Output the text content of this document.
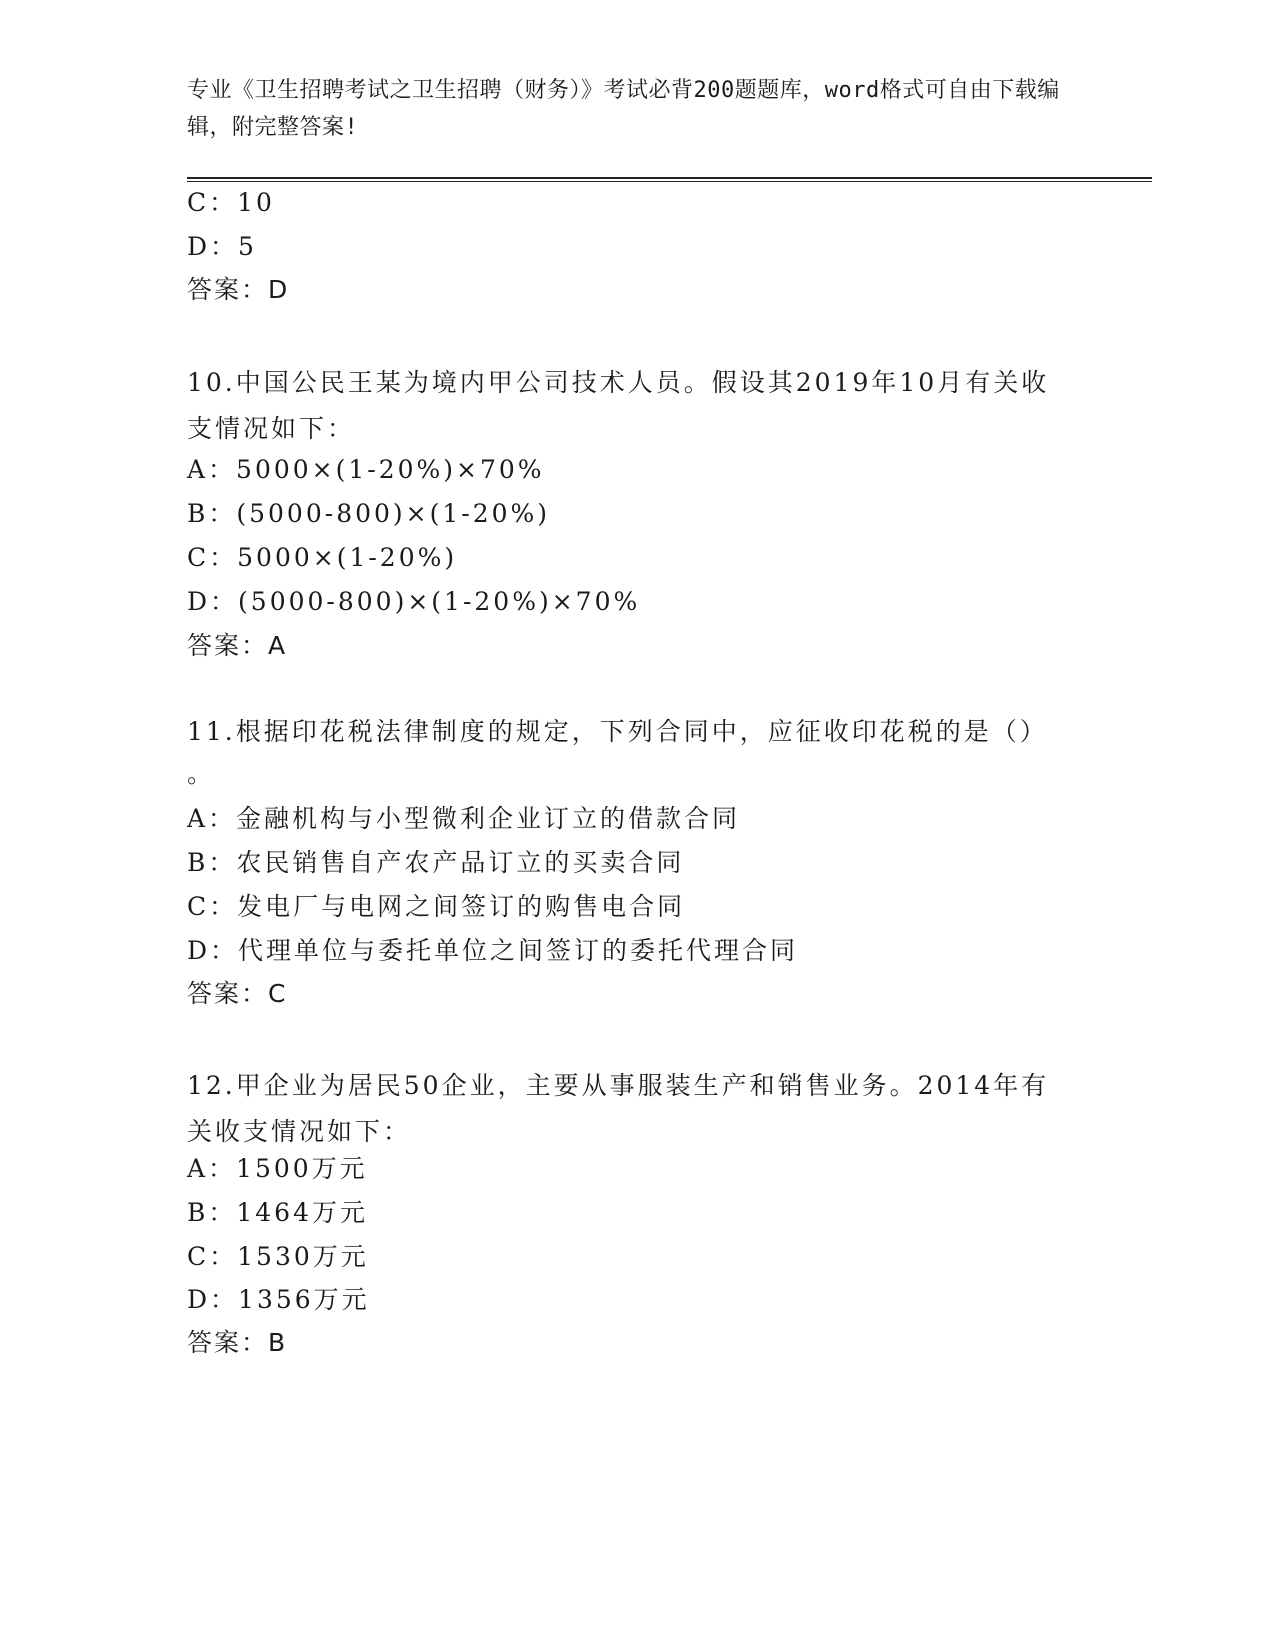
专业《卫生招聘考试之卫生招聘（财务）》考试必背200题题库，word格式可自由下载编辑，附完整答案!
C：10
D：5
答案：D
10.中国公民王某为境内甲公司技术人员。假设其2019年10月有关收支情况如下：
A：5000×(1-20%)×70%
B：(5000-800)×(1-20%)
C：5000×(1-20%)
D：(5000-800)×(1-20%)×70%
答案：A
11.根据印花税法律制度的规定，下列合同中，应征收印花税的是（）
。
A：金融机构与小型微利企业订立的借款合同
B：农民销售自产农产品订立的买卖合同
C：发电厂与电网之间签订的购售电合同
D：代理单位与委托单位之间签订的委托代理合同
答案：C
12.甲企业为居民50企业，主要从事服装生产和销售业务。2014年有关收支情况如下：
A：1500万元
B：1464万元
C：1530万元
D：1356万元
答案：B
